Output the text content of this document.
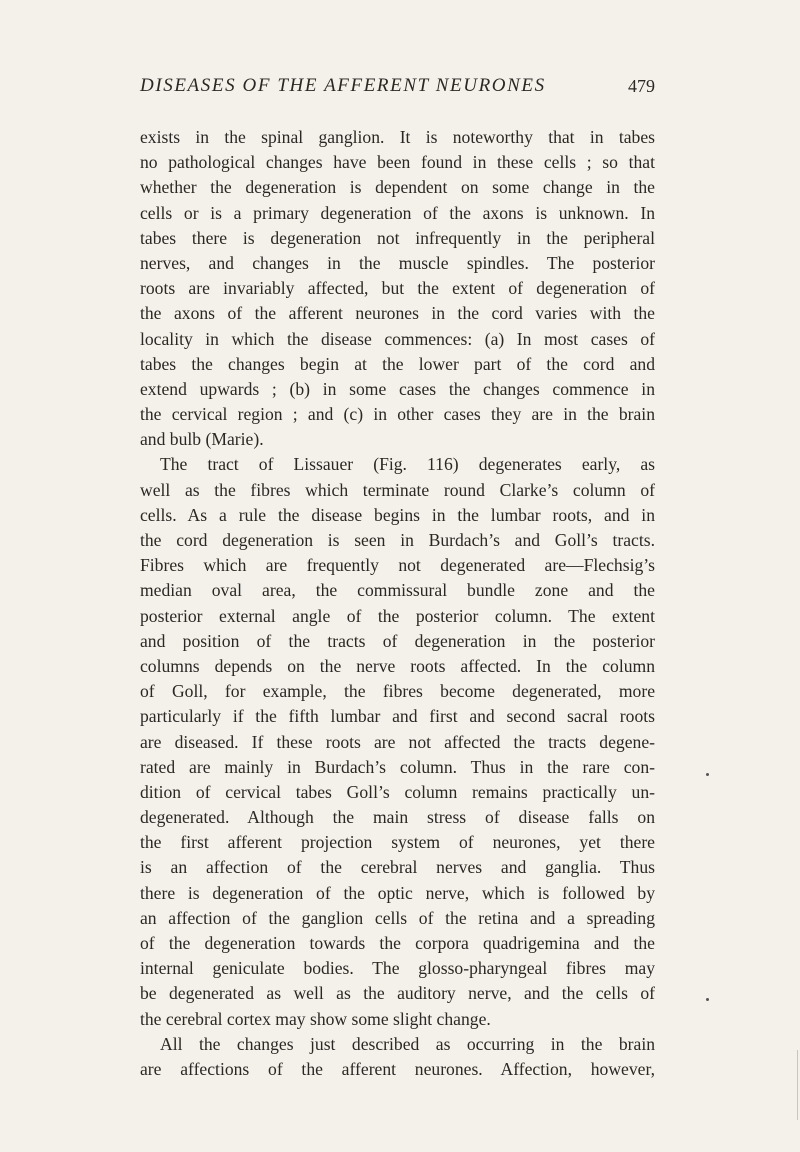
DISEASES OF THE AFFERENT NEURONES	479
exists in the spinal ganglion. It is noteworthy that in tabes
no pathological changes have been found in these cells ; so that
whether the degeneration is dependent on some change in the
cells or is a primary degeneration of the axons is unknown. In
tabes there is degeneration not infrequently in the peripheral
nerves, and changes in the muscle spindles. The posterior
roots are invariably affected, but the extent of degeneration of
the axons of the afferent neurones in the cord varies with the
locality in which the disease commences: (a) In most cases of
tabes the changes begin at the lower part of the cord and
extend upwards ; (b) in some cases the changes commence in
the cervical region ; and (c) in other cases they are in the brain
and bulb (Marie).
The tract of Lissauer (Fig. 116) degenerates early, as
well as the fibres which terminate round Clarke’s column of
cells. As a rule the disease begins in the lumbar roots, and in
the cord degeneration is seen in Burdach’s and Goll’s tracts.
Fibres which are frequently not degenerated are—Flechsig’s
median oval area, the commissural bundle zone and the
posterior external angle of the posterior column. The extent
and position of the tracts of degeneration in the posterior
columns depends on the nerve roots affected. In the column
of Goll, for example, the fibres become degenerated, more
particularly if the fifth lumbar and first and second sacral roots
are diseased. If these roots are not affected the tracts degene-
rated are mainly in Burdach’s column. Thus in the rare con-
dition of cervical tabes Goll’s column remains practically un-
degenerated. Although the main stress of disease falls on
the first afferent projection system of neurones, yet there
is an affection of the cerebral nerves and ganglia. Thus
there is degeneration of the optic nerve, which is followed by
an affection of the ganglion cells of the retina and a spreading
of the degeneration towards the corpora quadrigemina and the
internal geniculate bodies. The glosso-pharyngeal fibres may
be degenerated as well as the auditory nerve, and the cells of
the cerebral cortex may show some slight change.
All the changes just described as occurring in the brain
are affections of the afferent neurones. Affection, however,
